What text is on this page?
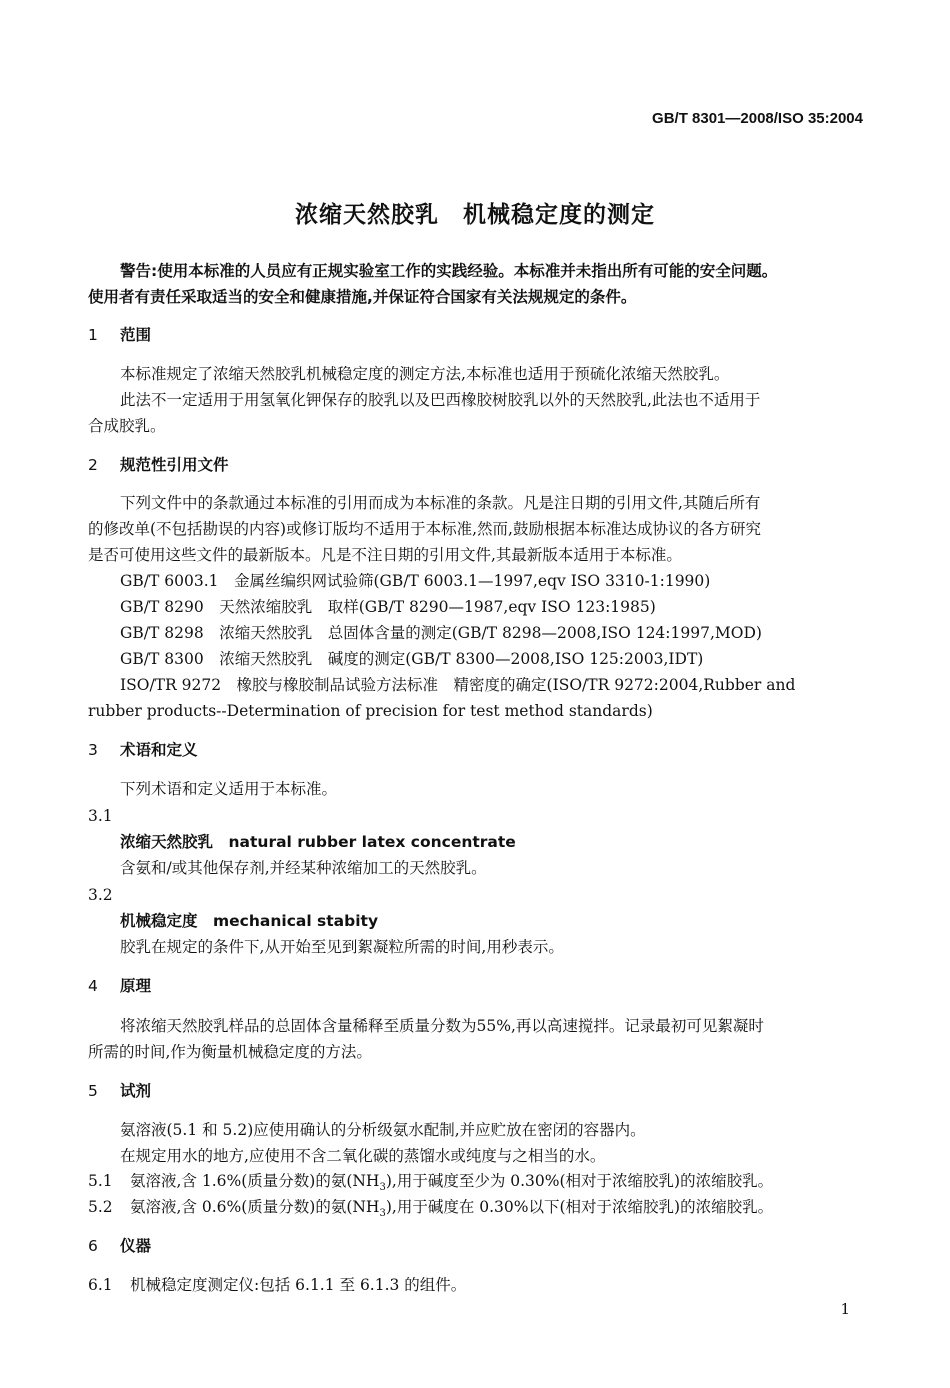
GB/T 8301—2008/ISO 35:2004
浓缩天然胶乳　机械稳定度的测定
警告:使用本标准的人员应有正规实验室工作的实践经验。本标准并未指出所有可能的安全问题。
使用者有责任采取适当的安全和健康措施,并保证符合国家有关法规规定的条件。
1 范围
本标准规定了浓缩天然胶乳机械稳定度的测定方法,本标准也适用于预硫化浓缩天然胶乳。
此法不一定适用于用氢氧化钾保存的胶乳以及巴西橡胶树胶乳以外的天然胶乳,此法也不适用于
合成胶乳。
2 规范性引用文件
下列文件中的条款通过本标准的引用而成为本标准的条款。凡是注日期的引用文件,其随后所有
的修改单(不包括勘误的内容)或修订版均不适用于本标准,然而,鼓励根据本标准达成协议的各方研究
是否可使用这些文件的最新版本。凡是不注日期的引用文件,其最新版本适用于本标准。
GB/T 6003.1　金属丝编织网试验筛(GB/T 6003.1—1997,eqv ISO 3310-1:1990)
GB/T 8290　天然浓缩胶乳　取样(GB/T 8290—1987,eqv ISO 123:1985)
GB/T 8298　浓缩天然胶乳　总固体含量的测定(GB/T 8298—2008,ISO 124:1997,MOD)
GB/T 8300　浓缩天然胶乳　碱度的测定(GB/T 8300—2008,ISO 125:2003,IDT)
ISO/TR 9272　橡胶与橡胶制品试验方法标准　精密度的确定(ISO/TR 9272:2004,Rubber and
rubber products--Determination of precision for test method standards)
3 术语和定义
下列术语和定义适用于本标准。
3.1
浓缩天然胶乳　natural rubber latex concentrate
含氨和/或其他保存剂,并经某种浓缩加工的天然胶乳。
3.2
机械稳定度　mechanical stabity
胶乳在规定的条件下,从开始至见到絮凝粒所需的时间,用秒表示。
4 原理
将浓缩天然胶乳样品的总固体含量稀释至质量分数为55%,再以高速搅拌。记录最初可见絮凝时
所需的时间,作为衡量机械稳定度的方法。
5 试剂
氨溶液(5.1 和 5.2)应使用确认的分析级氨水配制,并应贮放在密闭的容器内。
在规定用水的地方,应使用不含二氧化碳的蒸馏水或纯度与之相当的水。
5.1 氨溶液,含 1.6%(质量分数)的氨$(NH_3)$,用于碱度至少为 0.30%(相对于浓缩胶乳)的浓缩胶乳。
5.2 氨溶液,含 0.6%(质量分数)的氨$(NH_3)$,用于碱度在 0.30%以下(相对于浓缩胶乳)的浓缩胶乳。
6 仪器
6.1 机械稳定度测定仪:包括 6.1.1 至 6.1.3 的组件。
1
